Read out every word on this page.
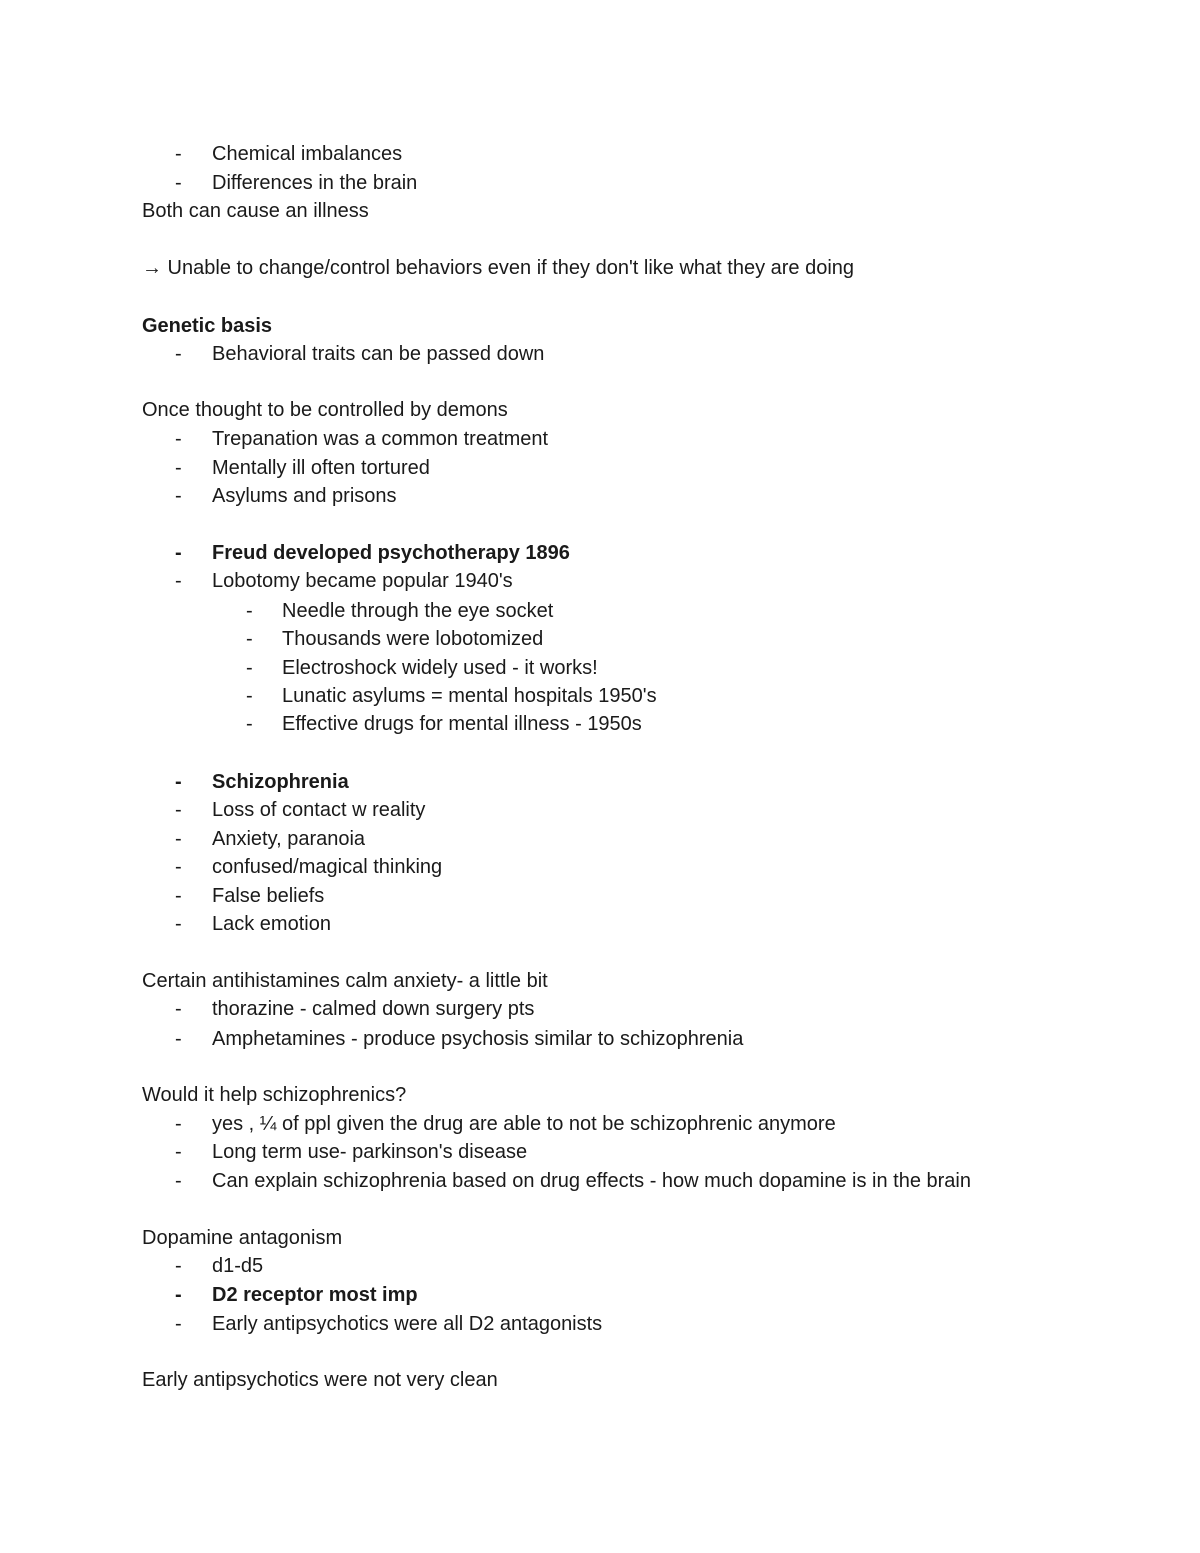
- Chemical imbalances
- Differences in the brain
Both can cause an illness
→ Unable to change/control behaviors even if they don't like what they are doing
Genetic basis
- Behavioral traits can be passed down
Once thought to be controlled by demons
- Trepanation was a common treatment
- Mentally ill often tortured
- Asylums and prisons
- Freud developed psychotherapy 1896
- Lobotomy became popular 1940's
- Needle through the eye socket
- Thousands were lobotomized
- Electroshock widely used - it works!
- Lunatic asylums = mental hospitals 1950's
- Effective drugs for mental illness - 1950s
- Schizophrenia
- Loss of contact w reality
- Anxiety, paranoia
- confused/magical thinking
- False beliefs
- Lack emotion
Certain antihistamines calm anxiety- a little bit
- thorazine - calmed down surgery pts
- Amphetamines - produce psychosis similar to schizophrenia
Would it help schizophrenics?
- yes , ¼ of ppl given the drug are able to not be schizophrenic anymore
- Long term use- parkinson's disease
- Can explain schizophrenia based on drug effects - how much dopamine is in the brain
Dopamine antagonism
- d1-d5
- D2 receptor most imp
- Early antipsychotics were all D2 antagonists
Early antipsychotics were not very clean
